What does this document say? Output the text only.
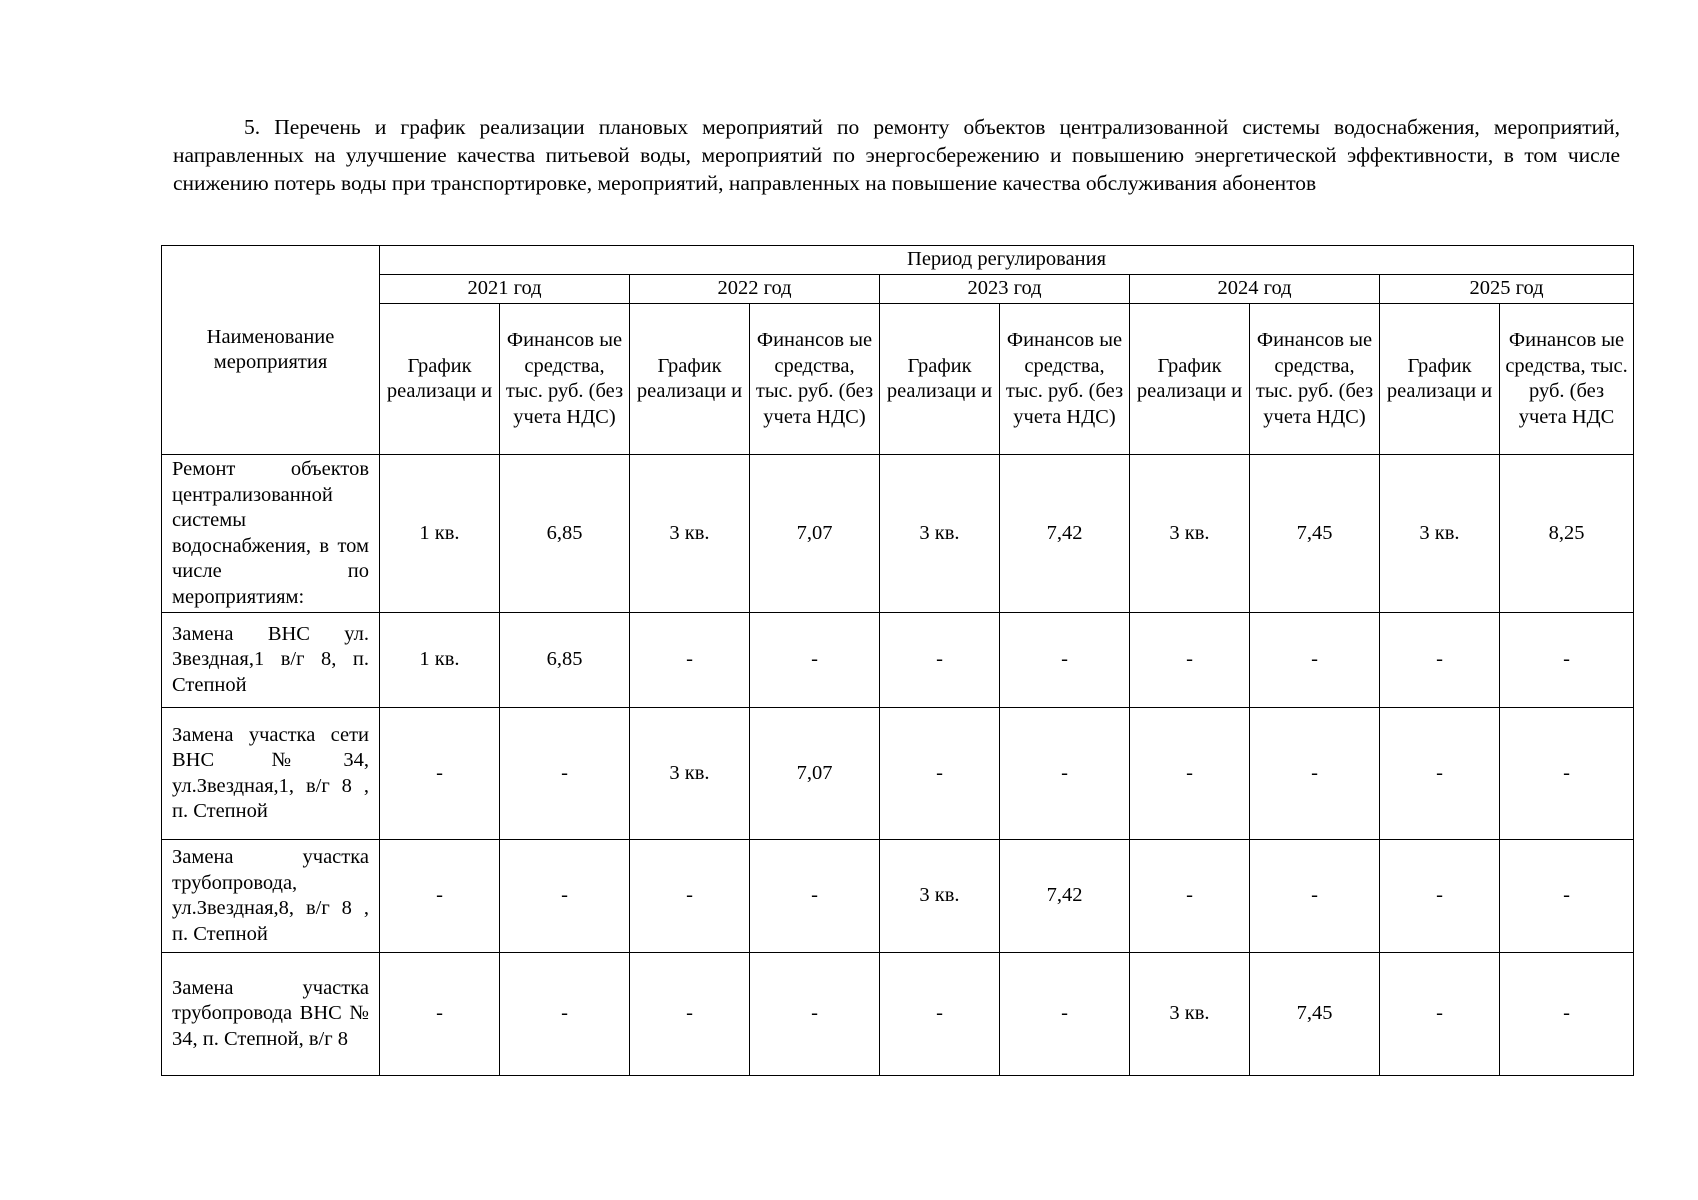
5. Перечень и график реализации плановых мероприятий по ремонту объектов централизованной системы водоснабжения, мероприятий, направленных на улучшение качества питьевой воды, мероприятий по энергосбережению и повышению энергетической эффективности, в том числе снижению потерь воды при транспортировке, мероприятий, направленных на повышение качества обслуживания абонентов

Наименование мероприятия	Период регулирования									
	2021 год		2022 год		2023 год		2024 год		2025 год	
	График реализаци и	Финансов ые средства, тыс. руб. (без учета НДС)	График реализаци и	Финансов ые средства, тыс. руб. (без учета НДС)	График реализаци и	Финансов ые средства, тыс. руб. (без учета НДС)	График реализаци и	Финансов ые средства, тыс. руб. (без учета НДС)	График реализаци и	Финансов ые средства, тыс. руб. (без учета НДС
Ремонт объектов централизованной системы водоснабжения, в том числе по мероприятиям:	1 кв.	6,85	3 кв.	7,07	3 кв.	7,42	3 кв.	7,45	3 кв.	8,25
Замена ВНС ул. Звездная,1 в/г 8, п. Степной	1 кв.	6,85	-	-	-	-	-	-	-	-
Замена участка сети ВНС №34, ул.Звездная,1, в/г 8 , п. Степной	-	-	3 кв.	7,07	-	-	-	-	-	-
Замена участка трубопровода, ул.Звездная,8, в/г 8 , п. Степной	-	-	-	-	3 кв.	7,42	-	-	-	-
Замена участка трубопровода ВНС № 34, п. Степной, в/г 8	-	-	-	-	-	-	3 кв.	7,45	-	-
